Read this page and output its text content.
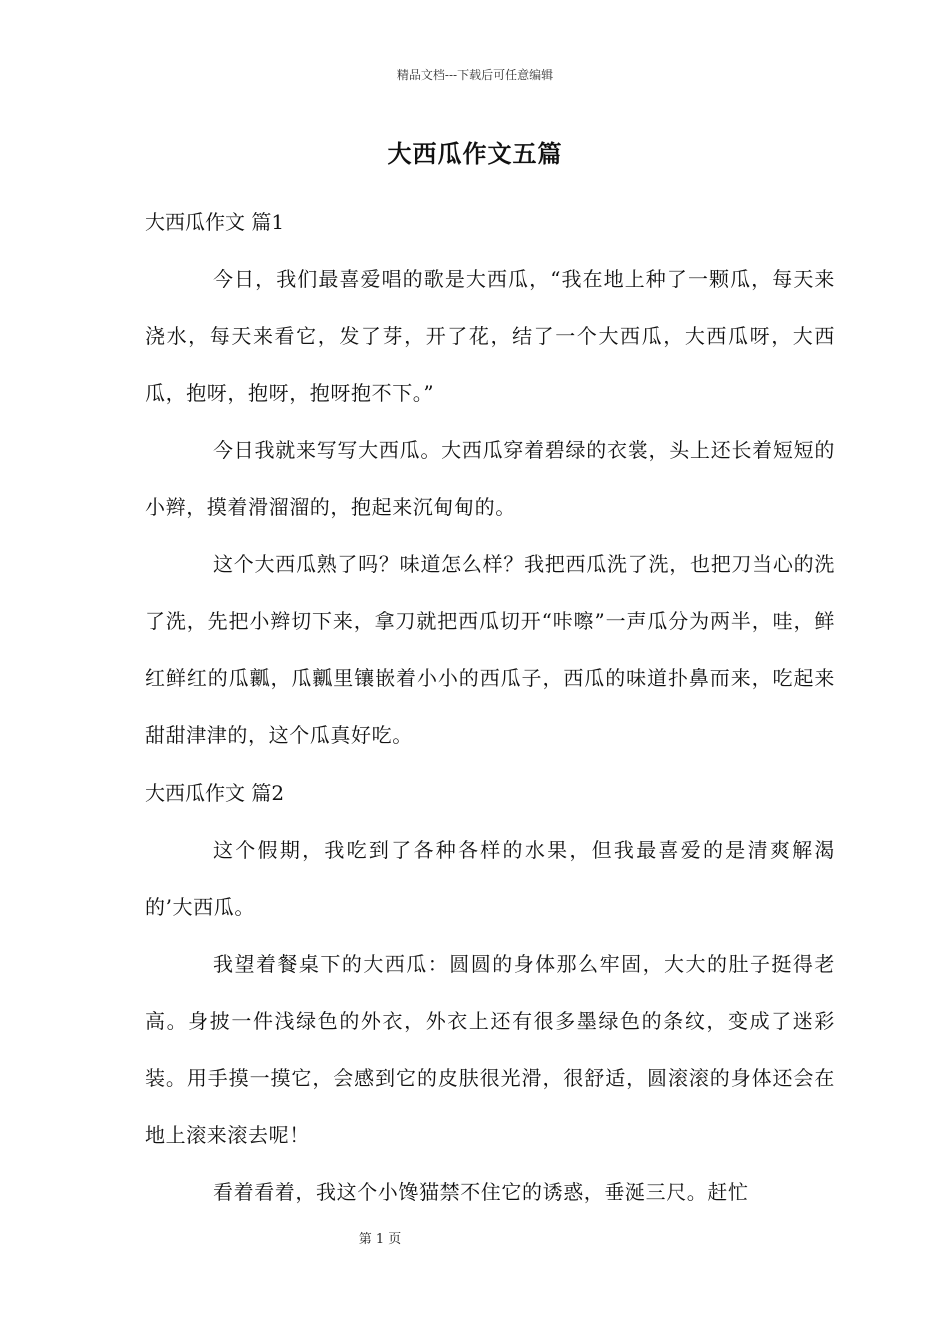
精品文档---下载后可任意编辑
大西瓜作文五篇
大西瓜作文 篇1

今日，我们最喜爱唱的歌是大西瓜，“我在地上种了一颗瓜，每天来浇水，每天来看它，发了芽，开了花，结了一个大西瓜，大西瓜呀，大西瓜，抱呀，抱呀，抱呀抱不下。”

今日我就来写写大西瓜。大西瓜穿着碧绿的衣裳，头上还长着短短的小辫，摸着滑溜溜的，抱起来沉甸甸的。

这个大西瓜熟了吗？味道怎么样？我把西瓜洗了洗，也把刀当心的洗了洗，先把小辫切下来，拿刀就把西瓜切开“咔嚓”一声瓜分为两半，哇，鲜红鲜红的瓜瓤，瓜瓤里镶嵌着小小的西瓜子，西瓜的味道扑鼻而来，吃起来甜甜津津的，这个瓜真好吃。

大西瓜作文 篇2

这个假期，我吃到了各种各样的水果，但我最喜爱的是清爽解渴的’大西瓜。

我望着餐桌下的大西瓜：圆圆的身体那么牢固，大大的肚子挺得老高。身披一件浅绿色的外衣，外衣上还有很多墨绿色的条纹，变成了迷彩装。用手摸一摸它，会感到它的皮肤很光滑，很舒适，圆滚滚的身体还会在地上滚来滚去呢！

看着看着，我这个小馋猫禁不住它的诱惑，垂涎三尺。赶忙

第 1 页
